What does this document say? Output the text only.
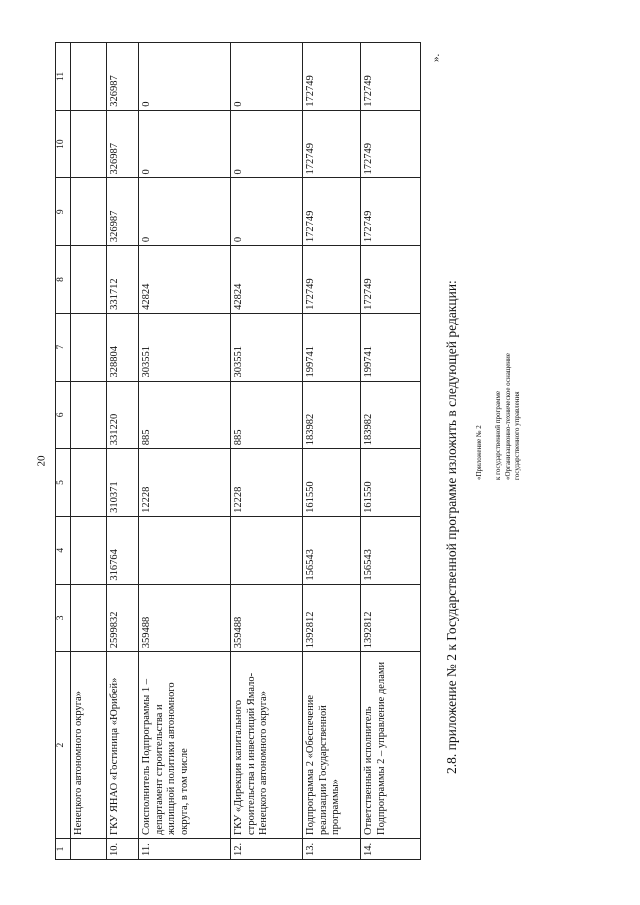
20
1	2	3	4	5	6	7	8	9	10	11
	Ненецкого автономного округа»									
10.	ГКУ ЯНАО «Гостиница «Юрибей»	2599832	316764	310371	331220	328804	331712	326987	326987	326987
11.	Соисполнитель Подпрограммы 1 – департамент строительства и жилищной политики автономного округа, в том числе	359488		12228	885	303551	42824	0	0	0
12.	ГКУ «Дирекция капитального строительства и инвестиций Ямало-Ненецкого автономного округа»	359488		12228	885	303551	42824	0	0	0
13.	Подпрограмма 2 «Обеспечение реализации Государственной программы»	1392812	156543	161550	183982	199741	172749	172749	172749	172749
14.	Ответственный исполнитель Подпрограммы 2 – управление делами	1392812	156543	161550	183982	199741	172749	172749	172749	172749
2.8. приложение № 2 к Государственной программе изложить в следующей редакции: «Приложение № 2 к государственной программе «Организационно-техническое оснащение государственного управления
».
